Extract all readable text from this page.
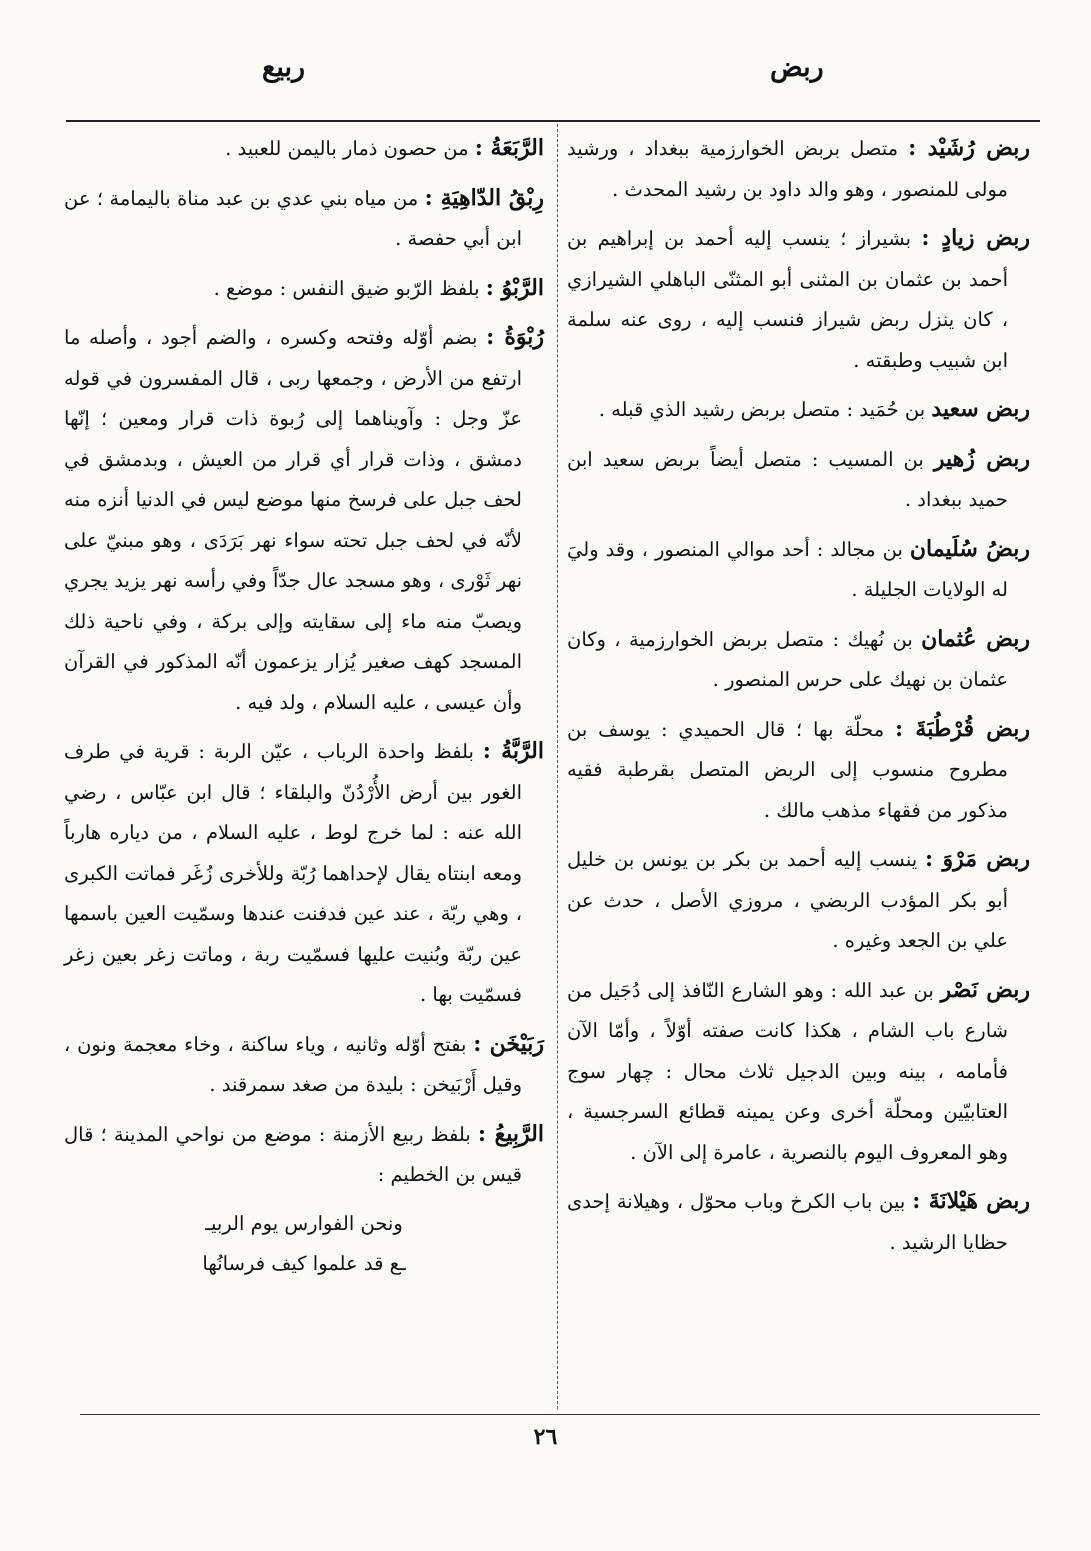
ربض
ربيع

ربض رُشَيْد : متصل بربض الخوارزمية ببغداد ، ورشيد مولى للمنصور ، وهو والد داود بن رشيد المحدث .

ربض زيادٍ : بشيراز ؛ ينسب إليه أحمد بن إبراهيم بن أحمد بن عثمان بن المثنى أبو المثنّى الباهلي الشيرازي ، كان ينزل ربض شيراز فنسب إليه ، روى عنه سلمة ابن شبيب وطبقته .

ربض سعيد بن حُمَيد : متصل بربض رشيد الذي قبله .

ربض زُهير بن المسيب : متصل أيضاً بربض سعيد ابن حميد ببغداد .

ربضُ سُلَيمان بن مجالد : أحد موالي المنصور ، وقد وليَ له الولايات الجليلة .

ربض عُثمان بن نُهيك : متصل بربض الخوارزمية ، وكان عثمان بن نهيك على حرس المنصور .

ربض قُرْطُبَةَ : محلّة بها ؛ قال الحميدي : يوسف بن مطروح منسوب إلى الربض المتصل بقرطبة فقيه مذكور من فقهاء مذهب مالك .

ربض مَرْوَ : ينسب إليه أحمد بن بكر بن يونس بن خليل أبو بكر المؤدب الربضي ، مروزي الأصل ، حدث عن علي بن الجعد وغيره .

ربض نَصْر بن عبد الله : وهو الشارع النّافذ إلى دُجَيل من شارع باب الشام ، هكذا كانت صفته أوّلاً ، وأمّا الآن فأمامه ، بينه وبين الدجيل ثلاث محال : چهار سوج العتابيّين ومحلّة أخرى وعن يمينه قطائع السرجسية ، وهو المعروف اليوم بالنصرية ، عامرة إلى الآن .

ربض هَيْلانَةَ : بين باب الكرخ وباب محوّل ، وهيلانة إحدى حظايا الرشيد .

الرَّبَعَةُ : من حصون ذمار باليمن للعبيد .

رِبْقُ الدّاهِيَةِ : من مياه بني عدي بن عبد مناة باليمامة ؛ عن ابن أبي حفصة .

الرَّبْوُ : بلفظ الرّبو ضيق النفس : موضع .

رُبْوَةُ : بضم أوّله وفتحه وكسره ، والضم أجود ، وأصله ما ارتفع من الأرض ، وجمعها ربى ، قال المفسرون في قوله عزّ وجل : وآويناهما إلى رُبوة ذات قرار ومعين ؛ إنّها دمشق ، وذات قرار أي قرار من العيش ، وبدمشق في لحف جبل على فرسخ منها موضع ليس في الدنيا أنزه منه لأنّه في لحف جبل تحته سواء نهر بَرَدَى ، وهو مبنيّ على نهر ثَوْرى ، وهو مسجد عال جدّاً وفي رأسه نهر يزيد يجري ويصبّ منه ماء إلى سقايته وإلى بركة ، وفي ناحية ذلك المسجد كهف صغير يُزار يزعمون أنّه المذكور في القرآن وأن عيسى ، عليه السلام ، ولد فيه .

الرَّبَّةُ : بلفظ واحدة الرباب ، عيّن الربة : قرية في طرف الغور بين أرض الأُرْدُنّ والبلقاء ؛ قال ابن عبّاس ، رضي الله عنه : لما خرج لوط ، عليه السلام ، من دياره هارباً ومعه ابنتاه يقال لإحداهما رُبّة وللأخرى زُغَر فماتت الكبرى ، وهي ربّة ، عند عين فدفنت عندها وسمّيت العين باسمها عين ربّة وبُنيت عليها فسمّيت ربة ، وماتت زغر بعين زغر فسمّيت بها .

رَبَيْخَن : بفتح أوّله وثانيه ، وياء ساكنة ، وخاء معجمة ونون ، وقيل أَرْبَيخن : بليدة من صغد سمرقند .

الرَّبِيعُ : بلفظ ربيع الأزمنة : موضع من نواحي المدينة ؛ قال قيس بن الخطيم :

ونحن الفوارس يوم الربيـ
ـع قد علموا كيف فرسانُها

٢٦
